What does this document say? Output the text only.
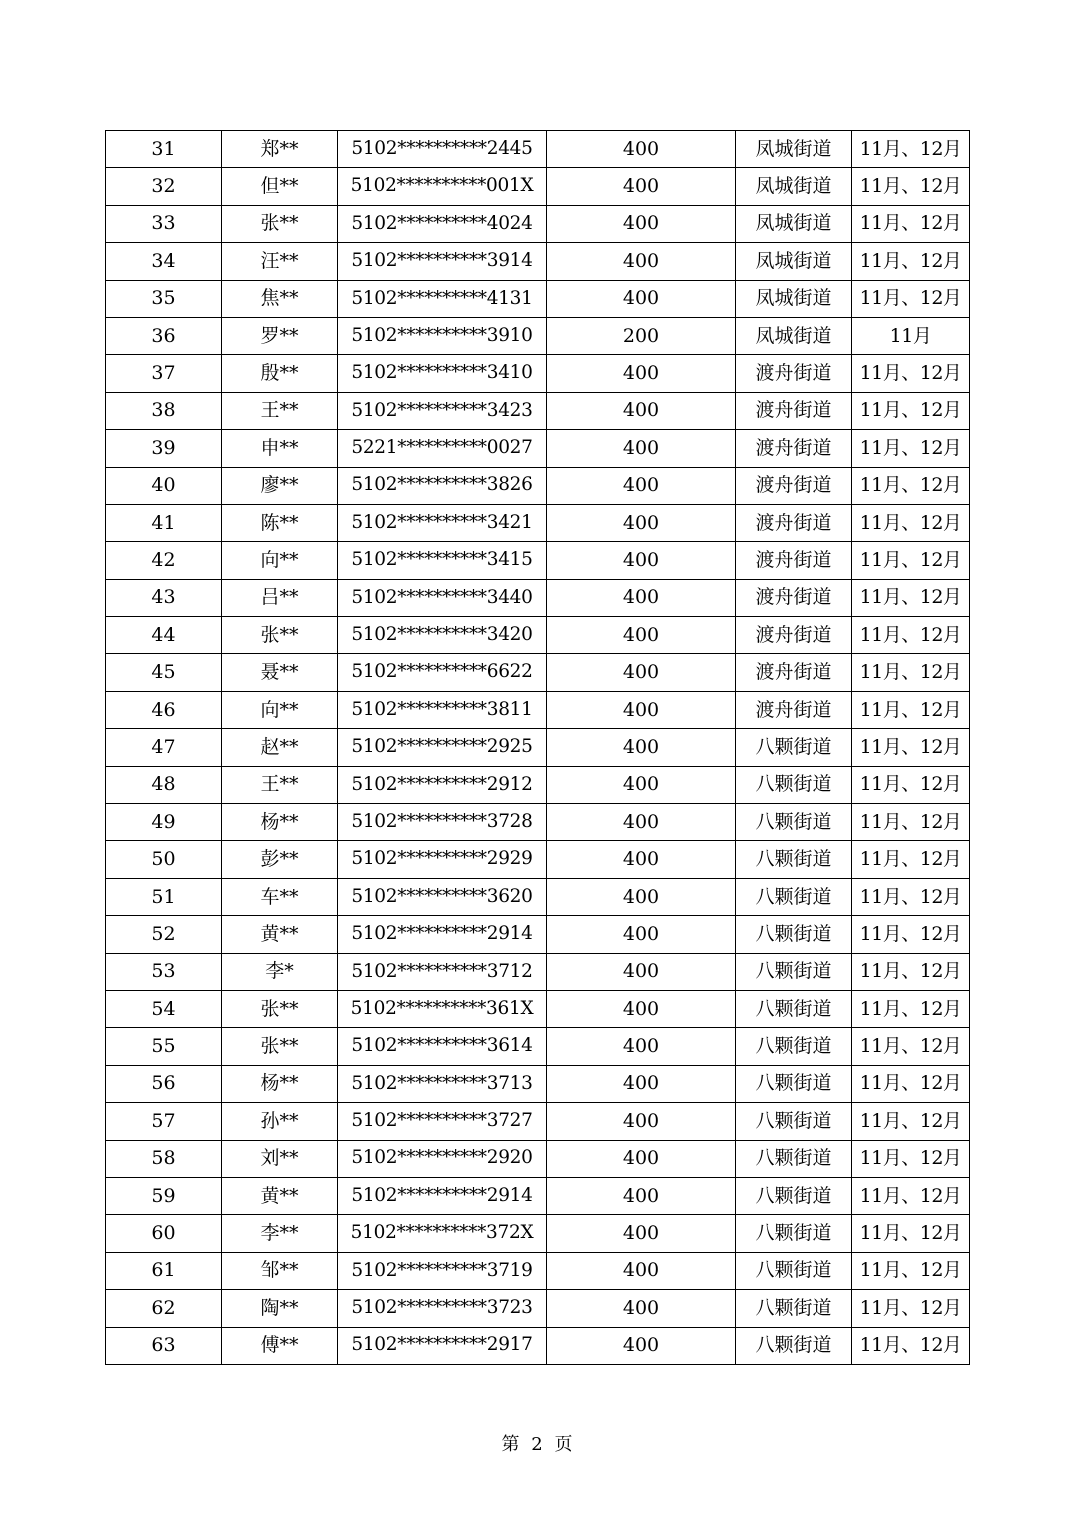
31	郑**	5102**********2445	400	凤城街道	11月、12月
32	但**	5102**********001X	400	凤城街道	11月、12月
33	张**	5102**********4024	400	凤城街道	11月、12月
34	汪**	5102**********3914	400	凤城街道	11月、12月
35	焦**	5102**********4131	400	凤城街道	11月、12月
36	罗**	5102**********3910	200	凤城街道	11月
37	殷**	5102**********3410	400	渡舟街道	11月、12月
38	王**	5102**********3423	400	渡舟街道	11月、12月
39	申**	5221**********0027	400	渡舟街道	11月、12月
40	廖**	5102**********3826	400	渡舟街道	11月、12月
41	陈**	5102**********3421	400	渡舟街道	11月、12月
42	向**	5102**********3415	400	渡舟街道	11月、12月
43	吕**	5102**********3440	400	渡舟街道	11月、12月
44	张**	5102**********3420	400	渡舟街道	11月、12月
45	聂**	5102**********6622	400	渡舟街道	11月、12月
46	向**	5102**********3811	400	渡舟街道	11月、12月
47	赵**	5102**********2925	400	八颗街道	11月、12月
48	王**	5102**********2912	400	八颗街道	11月、12月
49	杨**	5102**********3728	400	八颗街道	11月、12月
50	彭**	5102**********2929	400	八颗街道	11月、12月
51	车**	5102**********3620	400	八颗街道	11月、12月
52	黄**	5102**********2914	400	八颗街道	11月、12月
53	李*	5102**********3712	400	八颗街道	11月、12月
54	张**	5102**********361X	400	八颗街道	11月、12月
55	张**	5102**********3614	400	八颗街道	11月、12月
56	杨**	5102**********3713	400	八颗街道	11月、12月
57	孙**	5102**********3727	400	八颗街道	11月、12月
58	刘**	5102**********2920	400	八颗街道	11月、12月
59	黄**	5102**********2914	400	八颗街道	11月、12月
60	李**	5102**********372X	400	八颗街道	11月、12月
61	邹**	5102**********3719	400	八颗街道	11月、12月
62	陶**	5102**********3723	400	八颗街道	11月、12月
63	傅**	5102**********2917	400	八颗街道	11月、12月
第 2 页
